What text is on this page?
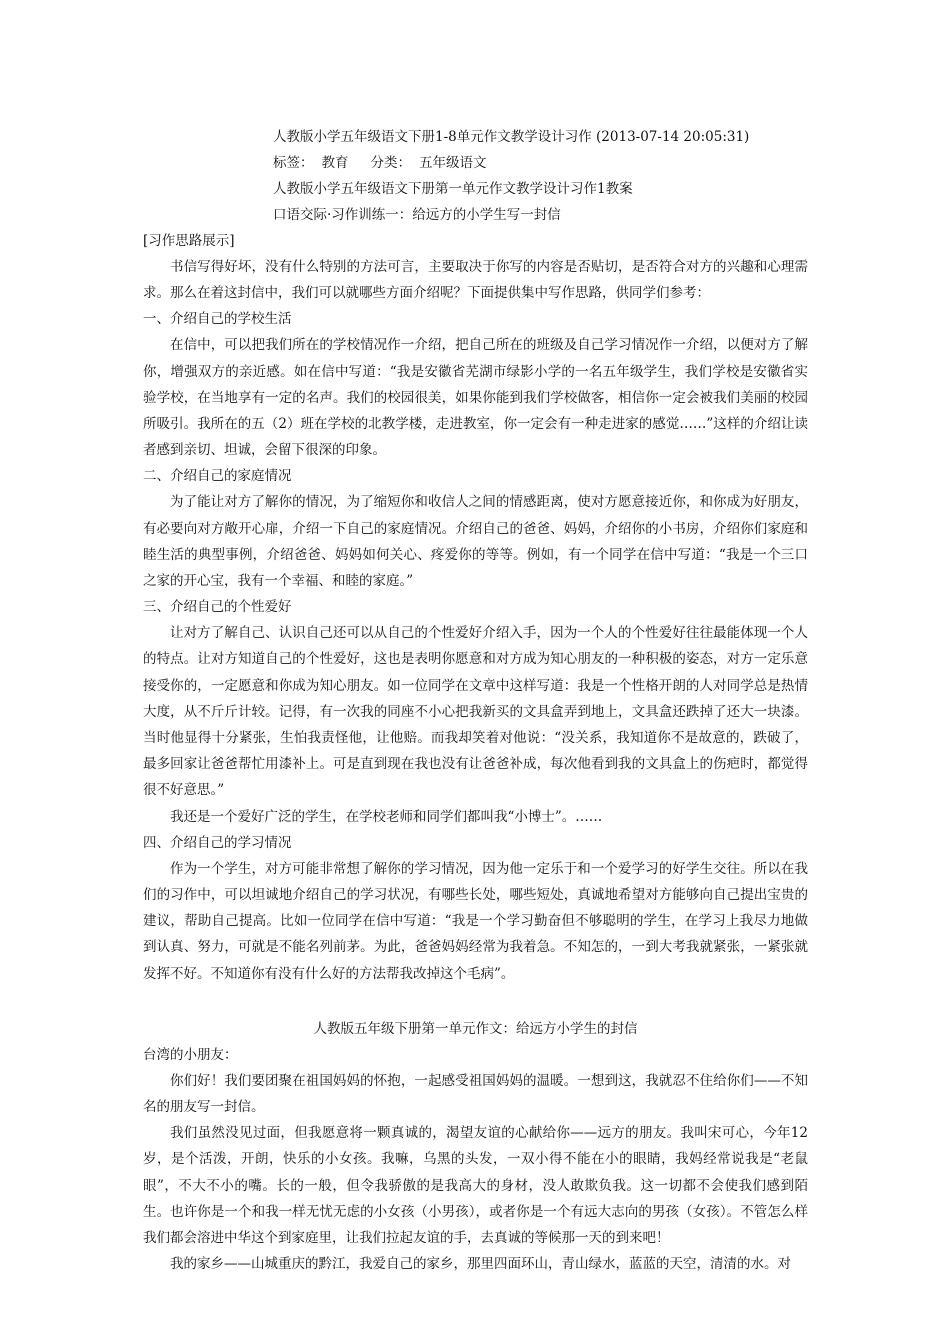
人教版小学五年级语文下册1-8单元作文教学设计习作 (2013-07-14 20:05:31)
标签： 教育 分类： 五年级语文
人教版小学五年级语文下册第一单元作文教学设计习作1教案
口语交际·习作训练一：给远方的小学生写一封信
[习作思路展示]
书信写得好坏，没有什么特别的方法可言，主要取决于你写的内容是否贴切，是否符合对方的兴趣和心理需求。那么在着这封信中，我们可以就哪些方面介绍呢？下面提供集中写作思路，供同学们参考：
一、介绍自己的学校生活
在信中，可以把我们所在的学校情况作一介绍，把自己所在的班级及自己学习情况作一介绍，以便对方了解你，增强双方的亲近感。如在信中写道：“我是安徽省芜湖市绿影小学的一名五年级学生，我们学校是安徽省实验学校，在当地享有一定的名声。我们的校园很美，如果你能到我们学校做客，相信你一定会被我们美丽的校园所吸引。我所在的五（2）班在学校的北教学楼，走进教室，你一定会有一种走进家的感觉……”这样的介绍让读者感到亲切、坦诚，会留下很深的印象。
二、介绍自己的家庭情况
为了能让对方了解你的情况，为了缩短你和收信人之间的情感距离，使对方愿意接近你，和你成为好朋友，有必要向对方敞开心扉，介绍一下自己的家庭情况。介绍自己的爸爸、妈妈，介绍你的小书房，介绍你们家庭和睦生活的典型事例，介绍爸爸、妈妈如何关心、疼爱你的等等。例如，有一个同学在信中写道：“我是一个三口之家的开心宝，我有一个幸福、和睦的家庭。”
三、介绍自己的个性爱好
让对方了解自己、认识自己还可以从自己的个性爱好介绍入手，因为一个人的个性爱好往往最能体现一个人的特点。让对方知道自己的个性爱好，这也是表明你愿意和对方成为知心朋友的一种积极的姿态，对方一定乐意接受你的，一定愿意和你成为知心朋友。如一位同学在文章中这样写道：我是一个性格开朗的人对同学总是热情大度，从不斤斤计较。记得，有一次我的同座不小心把我新买的文具盒弄到地上，文具盒还跌掉了还大一块漆。当时他显得十分紧张，生怕我责怪他，让他赔。而我却笑着对他说：“没关系，我知道你不是故意的，跌破了，最多回家让爸爸帮忙用漆补上。可是直到现在我也没有让爸爸补成，每次他看到我的文具盒上的伤疤时，都觉得很不好意思。”
我还是一个爱好广泛的学生，在学校老师和同学们都叫我“小博士”。……
四、介绍自己的学习情况
作为一个学生，对方可能非常想了解你的学习情况，因为他一定乐于和一个爱学习的好学生交往。所以在我们的习作中，可以坦诚地介绍自己的学习状况，有哪些长处，哪些短处，真诚地希望对方能够向自己提出宝贵的建议，帮助自己提高。比如一位同学在信中写道：“我是一个学习勤奋但不够聪明的学生，在学习上我尽力地做到认真、努力，可就是不能名列前茅。为此，爸爸妈妈经常为我着急。不知怎的，一到大考我就紧张，一紧张就发挥不好。不知道你有没有什么好的方法帮我改掉这个毛病”。
人教版五年级下册第一单元作文：给远方小学生的封信
台湾的小朋友：
你们好！我们要团聚在祖国妈妈的怀抱，一起感受祖国妈妈的温暖。一想到这，我就忍不住给你们——不知名的朋友写一封信。
我们虽然没见过面，但我愿意将一颗真诚的，渴望友谊的心献给你——远方的朋友。我叫宋可心，今年12岁，是个活泼，开朗，快乐的小女孩。我嘛，乌黑的头发，一双小得不能在小的眼睛，我妈经常说我是“老鼠眼”，不大不小的嘴。长的一般，但令我骄傲的是我高大的身材，没人敢欺负我。这一切都不会使我们感到陌生。也许你是一个和我一样无忧无虑的小女孩（小男孩），或者你是一个有远大志向的男孩（女孩）。不管怎么样我们都会溶进中华这个到家庭里，让我们拉起友谊的手，去真诚的等候那一天的到来吧！
我的家乡——山城重庆的黔江，我爱自己的家乡，那里四面环山，青山绿水，蓝蓝的天空，清清的水。对
